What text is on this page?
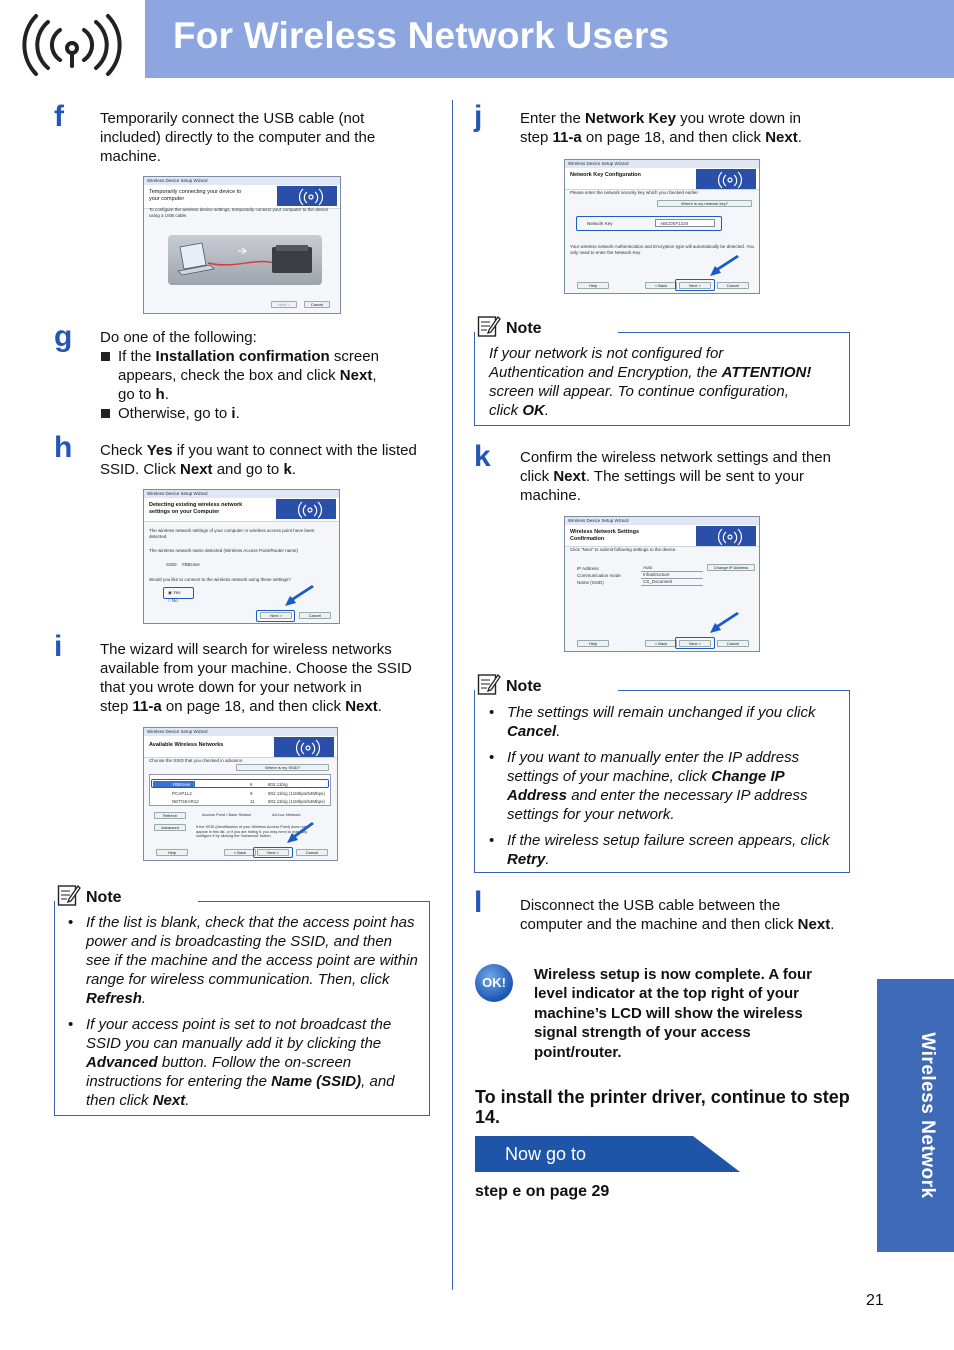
For Wireless Network Users
f Temporarily connect the USB cable (not
included) directly to the computer and the
machine.
Wireless Device Setup Wizard
Temporarily connecting your device to
your computer
To configure the wireless device settings, temporarily connect your computer to the device using a USB cable.
Next >	Cancel
g Do one of the following:
If the Installation confirmation screen
appears, check the box and click Next,
go to h.
Otherwise, go to i.
h Check Yes if you want to connect with the listed
SSID. Click Next and go to k.
Wireless Device Setup Wizard
Detecting existing wireless network
settings on your Computer
The wireless network settings of your computer or wireless access point have been detected.
The wireless network name detected (Wireless Access Point/Router name)
SSID: YBBUser
Would you like to connect to the wireless network using these settings?
◉ Yes
○ No
Next >	Cancel
i	The wizard will search for wireless networks
available from your machine. Choose the SSID
that you wrote down for your network in
step 11-a on page 18, and then click Next.
Wireless Device Setup Wizard
Available Wireless Networks
Choose the SSID that you checked in advance.
Where is my SSID?
YBBUser	6	802.11b/g
PCAP1L2	9	802.11b/g (11Mbps/54Mbps)
NETGEAR12	11	802.11b/g (11Mbps/54Mbps)
Refresh
Advanced
Access Point / Base Station	Ad-hoc Network
If the SSID (identification of your Wireless Access Point) does not appear in this list, or if you are hiding it, you may need to manually configure it by clicking the 'Advanced' button.
Help	< Back	Next >	Cancel
Note
• If the list is blank, check that the access point has power and is broadcasting the SSID, and then see if the machine and the access point are within range for wireless communication. Then, click Refresh.
• If your access point is set to not broadcast the SSID you can manually add it by clicking the Advanced button. Follow the on-screen instructions for entering the Name (SSID), and then click Next.
j	Enter the Network Key you wrote down in
step 11-a on page 18, and then click Next.
Wireless Device Setup Wizard
Network Key Configuration
Please enter the network security key which you checked earlier.
Where is my network key?
Network Key	ABCDEF1234
Your wireless network Authentication and Encryption type will automatically be detected. You only need to enter the Network Key.
Help	< Back	Next >	Cancel
Note
If your network is not configured for
Authentication and Encryption, the ATTENTION!
screen will appear. To continue configuration,
click OK.
k Confirm the wireless network settings and then
click Next. The settings will be sent to your
machine.
Wireless Device Setup Wizard
Wireless Network Settings
Confirmation
Click "Next" to submit following settings to the device.
IP Address	Auto
Communication mode	Infrastructure
Name (SSID)	CS_Document
Change IP Address
Help	< Back	Next >	Cancel
Note
• The settings will remain unchanged if you click Cancel.
• If you want to manually enter the IP address settings of your machine, click Change IP Address and enter the necessary IP address settings for your network.
• If the wireless setup failure screen appears, click Retry.
l	Disconnect the USB cable between the
computer and the machine and then click Next.
OK!	Wireless setup is now complete. A four level indicator at the top right of your machine’s LCD will show the wireless signal strength of your access point/router.
To install the printer driver, continue to step 14.
Now go to
step e on page 29	Wireless Network
21
